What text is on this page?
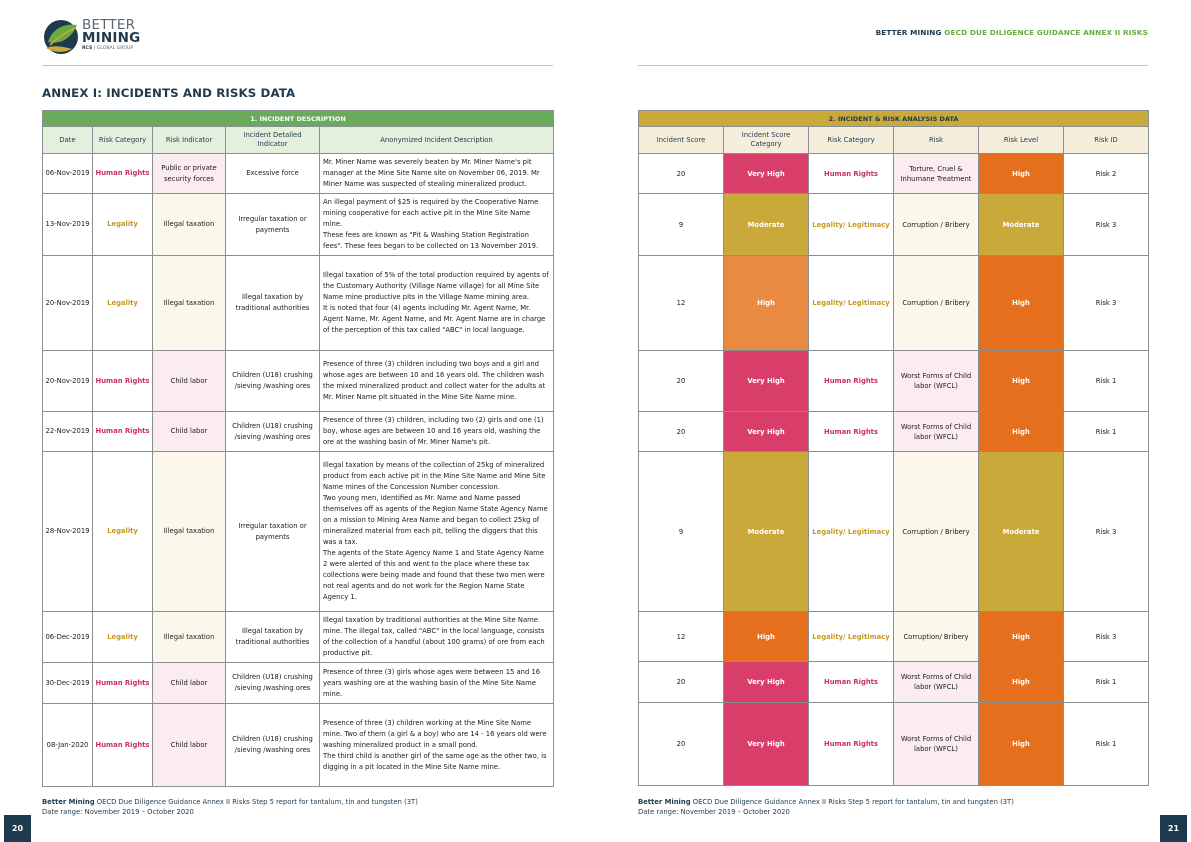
BETTER
MINING
RCS | GLOBAL GROUP
BETTER MINING OECD DUE DILIGENCE GUIDANCE ANNEX II RISKS
ANNEX I: INCIDENTS AND RISKS DATA
1. INCIDENT DESCRIPTION				
Date	Risk Category	Risk Indicator	Incident Detailed Indicator	Anonymized Incident Description
06-Nov-2019	Human Rights	Public or private security forces	Excessive force	Mr. Miner Name was severely beaten by Mr. Miner Name's pit manager at the Mine Site Name site on November 06, 2019. Mr Miner Name was suspected of stealing mineralized product.
13-Nov-2019	Legality	Illegal taxation	Irregular taxation or payments	An illegal payment of $25 is required by the Cooperative Name mining cooperative for each active pit in the Mine Site Name mine.
These fees are known as "Pit & Washing Station Registration fees". These fees began to be collected on 13 November 2019.
20-Nov-2019	Legality	Illegal taxation	Illegal taxation by traditional authorities	Illegal taxation of 5% of the total production required by agents of the Customary Authority (Village Name village) for all Mine Site Name mine productive pits in the Village Name mining area.
It is noted that four (4) agents including Mr. Agent Name, Mr. Agent Name, Mr. Agent Name, and Mr. Agent Name are in charge of the perception of this tax called "ABC" in local language.
20-Nov-2019	Human Rights	Child labor	Children (U18) crushing /sieving /washing ores	Presence of three (3) children including two boys and a girl and whose ages are between 10 and 16 years old. The children wash the mixed mineralized product and collect water for the adults at Mr. Miner Name pit situated in the Mine Site Name mine.
22-Nov-2019	Human Rights	Child labor	Children (U18) crushing /sieving /washing ores	Presence of three (3) children, including two (2) girls and one (1) boy, whose ages are between 10 and 16 years old, washing the ore at the washing basin of Mr. Miner Name's pit.
28-Nov-2019	Legality	Illegal taxation	Irregular taxation or payments	Illegal taxation by means of the collection of 25kg of mineralized product from each active pit in the Mine Site Name and Mine Site Name mines of the Concession Number concession.
Two young men, identified as Mr. Name and Name passed themselves off as agents of the Region Name State Agency Name on a mission to Mining Area Name and began to collect 25kg of mineralized material from each pit, telling the diggers that this was a tax.
The agents of the State Agency Name 1 and State Agency Name 2 were alerted of this and went to the place where these tax collections were being made and found that these two men were not real agents and do not work for the Region Name State Agency 1.
06-Dec-2019	Legality	Illegal taxation	Illegal taxation by traditional authorities	Illegal taxation by traditional authorities at the Mine Site Name mine. The illegal tax, called "ABC" in the local language, consists of the collection of a handful (about 100 grams) of ore from each productive pit.
30-Dec-2019	Human Rights	Child labor	Children (U18) crushing /sieving /washing ores	Presence of three (3) girls whose ages were between 15 and 16 years washing ore at the washing basin of the Mine Site Name mine.
08-Jan-2020	Human Rights	Child labor	Children (U18) crushing /sieving /washing ores	Presence of three (3) children working at the Mine Site Name mine. Two of them (a girl & a boy) who are 14 - 16 years old were washing mineralized product in a small pond.
The third child is another girl of the same age as the other two, is digging in a pit located in the Mine Site Name mine.
2. INCIDENT & RISK ANALYSIS DATA					
Incident Score	Incident Score Category	Risk Category	Risk	Risk Level	Risk ID
20	Very High	Human Rights	Torture, Cruel & Inhumane Treatment	High	Risk 2
9	Moderate	Legality/ Legitimacy	Corruption / Bribery	Moderate	Risk 3
12	High	Legality/ Legitimacy	Corruption / Bribery	High	Risk 3
20	Very High	Human Rights	Worst Forms of Child labor (WFCL)	High	Risk 1
20	Very High	Human Rights	Worst Forms of Child labor (WFCL)	High	Risk 1
9	Moderate	Legality/ Legitimacy	Corruption / Bribery	Moderate	Risk 3
12	High	Legality/ Legitimacy	Corruption/ Bribery	High	Risk 3
20	Very High	Human Rights	Worst Forms of Child labor (WFCL)	High	Risk 1
20	Very High	Human Rights	Worst Forms of Child labor (WFCL)	High	Risk 1
Better Mining OECD Due Diligence Guidance Annex II Risks Step 5 report for tantalum, tin and tungsten (3T)
Date range: November 2019 – October 2020
Better Mining OECD Due Diligence Guidance Annex II Risks Step 5 report for tantalum, tin and tungsten (3T)
Date range: November 2019 – October 2020
20	21
